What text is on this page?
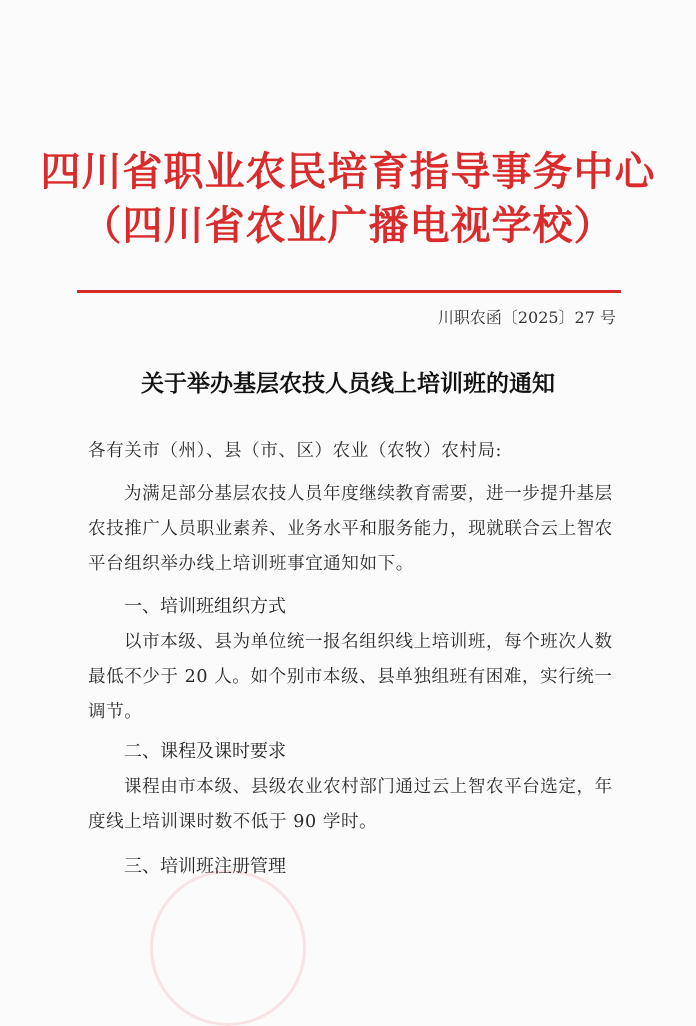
四川省职业农民培育指导事务中心
（四川省农业广播电视学校）
川职农函〔2025〕27 号
关于举办基层农技人员线上培训班的通知
各有关市（州）、县（市、区）农业（农牧）农村局:
为满足部分基层农技人员年度继续教育需要，进一步提升基层农技推广人员职业素养、业务水平和服务能力，现就联合云上智农平台组织举办线上培训班事宜通知如下。
一、培训班组织方式
以市本级、县为单位统一报名组织线上培训班，每个班次人数最低不少于 20 人。如个别市本级、县单独组班有困难，实行统一调节。
二、课程及课时要求
课程由市本级、县级农业农村部门通过云上智农平台选定，年度线上培训课时数不低于 90 学时。
三、培训班注册管理
